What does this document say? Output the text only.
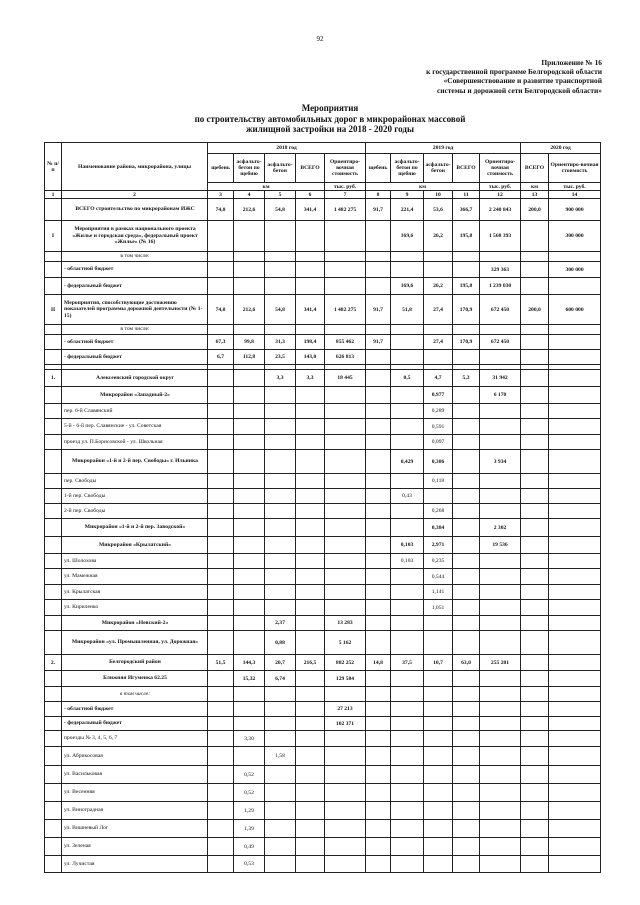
92
Приложение № 16
к государственной программе Белгородской области
«Совершенствование и развитие транспортной
системы и дорожной сети Белгородской области»
Мероприятия
по строительству автомобильных дорог в микрорайонах массовой
жилищной застройки на 2018 - 2020 годы
№ п/п	Наименование района, микрорайона, улицы	2018 год					2019 год					2020 год	
		щебень	асфальто-бетон по щебню	асфальто-бетон	ВСЕГО	Ориентиро-вочная стоимость	щебень	асфальто-бетон по щебню	асфальто-бетон	ВСЕГО	Ориентиро-вочная стоимость	ВСЕГО	Ориентиро-вочная стоимость
		км				тыс. руб.	км				тыс. руб.	км	тыс. руб.
1	2	3	4	5	6	7	8	9	10	11	12	13	14
	ВСЕГО строительство по микрорайонам ИЖС	74,0	212,6	54,8	341,4	1 482 275	91,7	221,4	53,6	366,7	2 240 843	200,0	900 000
I	Мероприятия в рамках национального проекта «Жилье и городская среда», федеральный проект «Жилье» (№ 16)							169,6	26,2	195,8	1 568 393		300 000
	в том числе:												
	- областной бюджет										329 363		300 000
	- федеральный бюджет							169,6	26,2	195,8	1 239 030		
II	Мероприятия, способствующие достижению показателей программы дорожной деятельности (№ 1-15)	74,0	212,6	54,8	341,4	1 482 275	91,7	51,8	27,4	170,9	672 450	200,0	600 000
	в том числе:												
	- областной бюджет	67,3	99,8	31,3	198,4	855 462	91,7		27,4	170,9	672 450		
	- федеральный бюджет	6,7	112,8	23,5	143,0	626 813							

1.	Алексеевский городской округ			3,3	3,3	18 445		0,5	4,7	5,3	31 942		
	Микрорайон «Западный-2»								0,977		6 170		
	пер. 6-й Славянский								0,289				
	5-й - 6-й пер. Славянские - ул. Советская								0,591				
	проезд ул. П.Борисовской - ул. Школьная								0,097				
	Микрорайон «1-й и 2-й пер. Свободы» г. Ильинка							0,429	0,386		3 934		
	пер. Свободы								0,118				
	1-й пер. Свободы							0,43					
	2-й пер. Свободы								0,268				
	Микрорайон «1-й и 2-й пер. Заводской»								0,384		2 302		
	Микрорайон «Крылатский»							0,103	2,971		19 536		
	ул. Шолохова							0,103	0,235				
	ул. Мамежная								0,544				
	ул. Крылатская								1,141				
	ул. Кириленко								1,051				
	Микрорайон «Невский-2»			2,37		13 283							
	Микрорайон «ул. Промышленная, ул. Дорожная»			0,88		5 162							
2.	Белгородский район	51,5	144,3	20,7	216,5	882 252	14,8	37,5	10,7	63,0	255 201		
	Ближняя Игуменка 62.25		15,32	6,74		129 584							
	в том числе:												
	- областной бюджет					27 213							
	- федеральный бюджет					102 371							
	проезды № 3, 4, 5, 6, 7		3,30										
	ул. Абрикосовая			1,58									
	ул. Васильковая		0,52										
	ул. Весенняя		0,52										
	ул. Виноградная		1,29										
	ул. Вишневый Лог		1,39										
	ул. Зеленая		0,49										
	ул. Лучистая		0,53										
